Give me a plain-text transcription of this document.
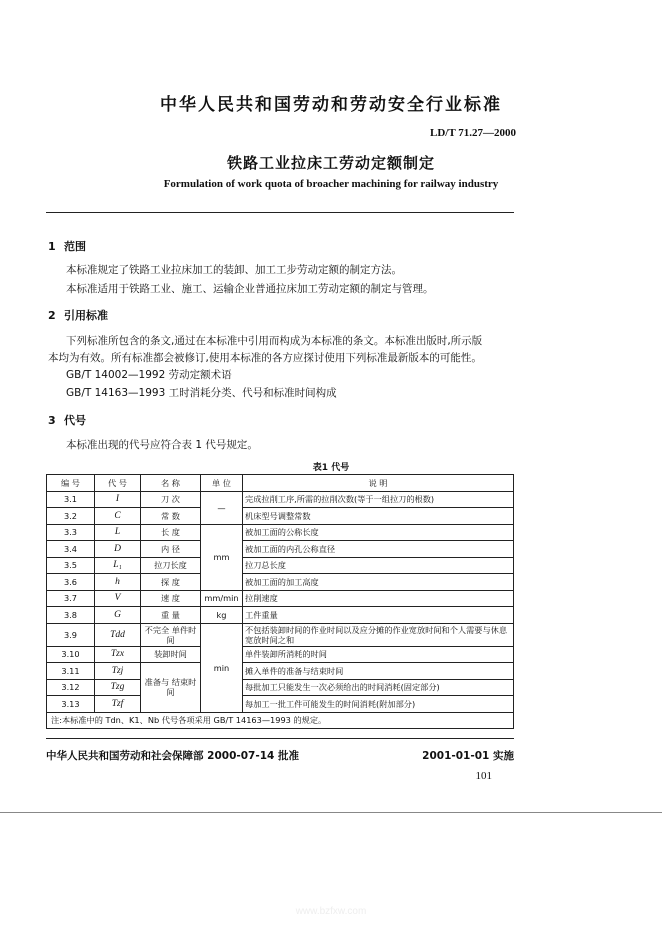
中华人民共和国劳动和劳动安全行业标准
LD/T 71.27—2000
铁路工业拉床工劳动定额制定
Formulation of work quota of broacher machining for railway industry
1 范围
本标准规定了铁路工业拉床加工的装卸、加工工步劳动定额的制定方法。
本标准适用于铁路工业、施工、运输企业普通拉床加工劳动定额的制定与管理。
2 引用标准
下列标准所包含的条文,通过在本标准中引用而构成为本标准的条文。本标准出版时,所示版
本均为有效。所有标准都会被修订,使用本标准的各方应探讨使用下列标准最新版本的可能性。
GB/T 14002—1992 劳动定额术语
GB/T 14163—1993 工时消耗分类、代号和标准时间构成
3 代号
本标准出现的代号应符合表 1 代号规定。
表1 代号
编 号	代 号	名 称	单 位	说 明
3.1	I	刀 次	—	完成拉削工序,所需的拉削次数(等于一组拉刀的根数)
3.2	C	常 数		机床型号调整常数
3.3	L	长 度	mm	被加工面的公称长度
3.4	D	内 径		被加工面的内孔公称直径
3.5	L₁	拉刀长度		拉刀总长度
3.6	h	探 度		被加工面的加工高度
3.7	V	速 度	mm/min	拉削速度
3.8	G	重 量	kg	工件重量
3.9	Tdd	不完全 单件时间	min	不包括装卸时间的作业时间以及应分摊的作业宽放时间和个人需要与休息宽放时间之和
3.10	Tzx	装卸时间		单件装卸所消耗的时间
3.11	Tzj	准备与 结束时间		摊入单件的准备与结束时间
3.12	Tzg			每批加工只能发生一次必须给出的时间消耗(固定部分)
3.13	Tzf			每加工一批工件可能发生的时间消耗(附加部分)
注:本标准中的 Tdn、K1、Nb 代号各项采用 GB/T 14163—1993 的规定。				
中华人民共和国劳动和社会保障部 2000-07-14 批准	2001-01-01 实施
101
www.bzfxw.com
